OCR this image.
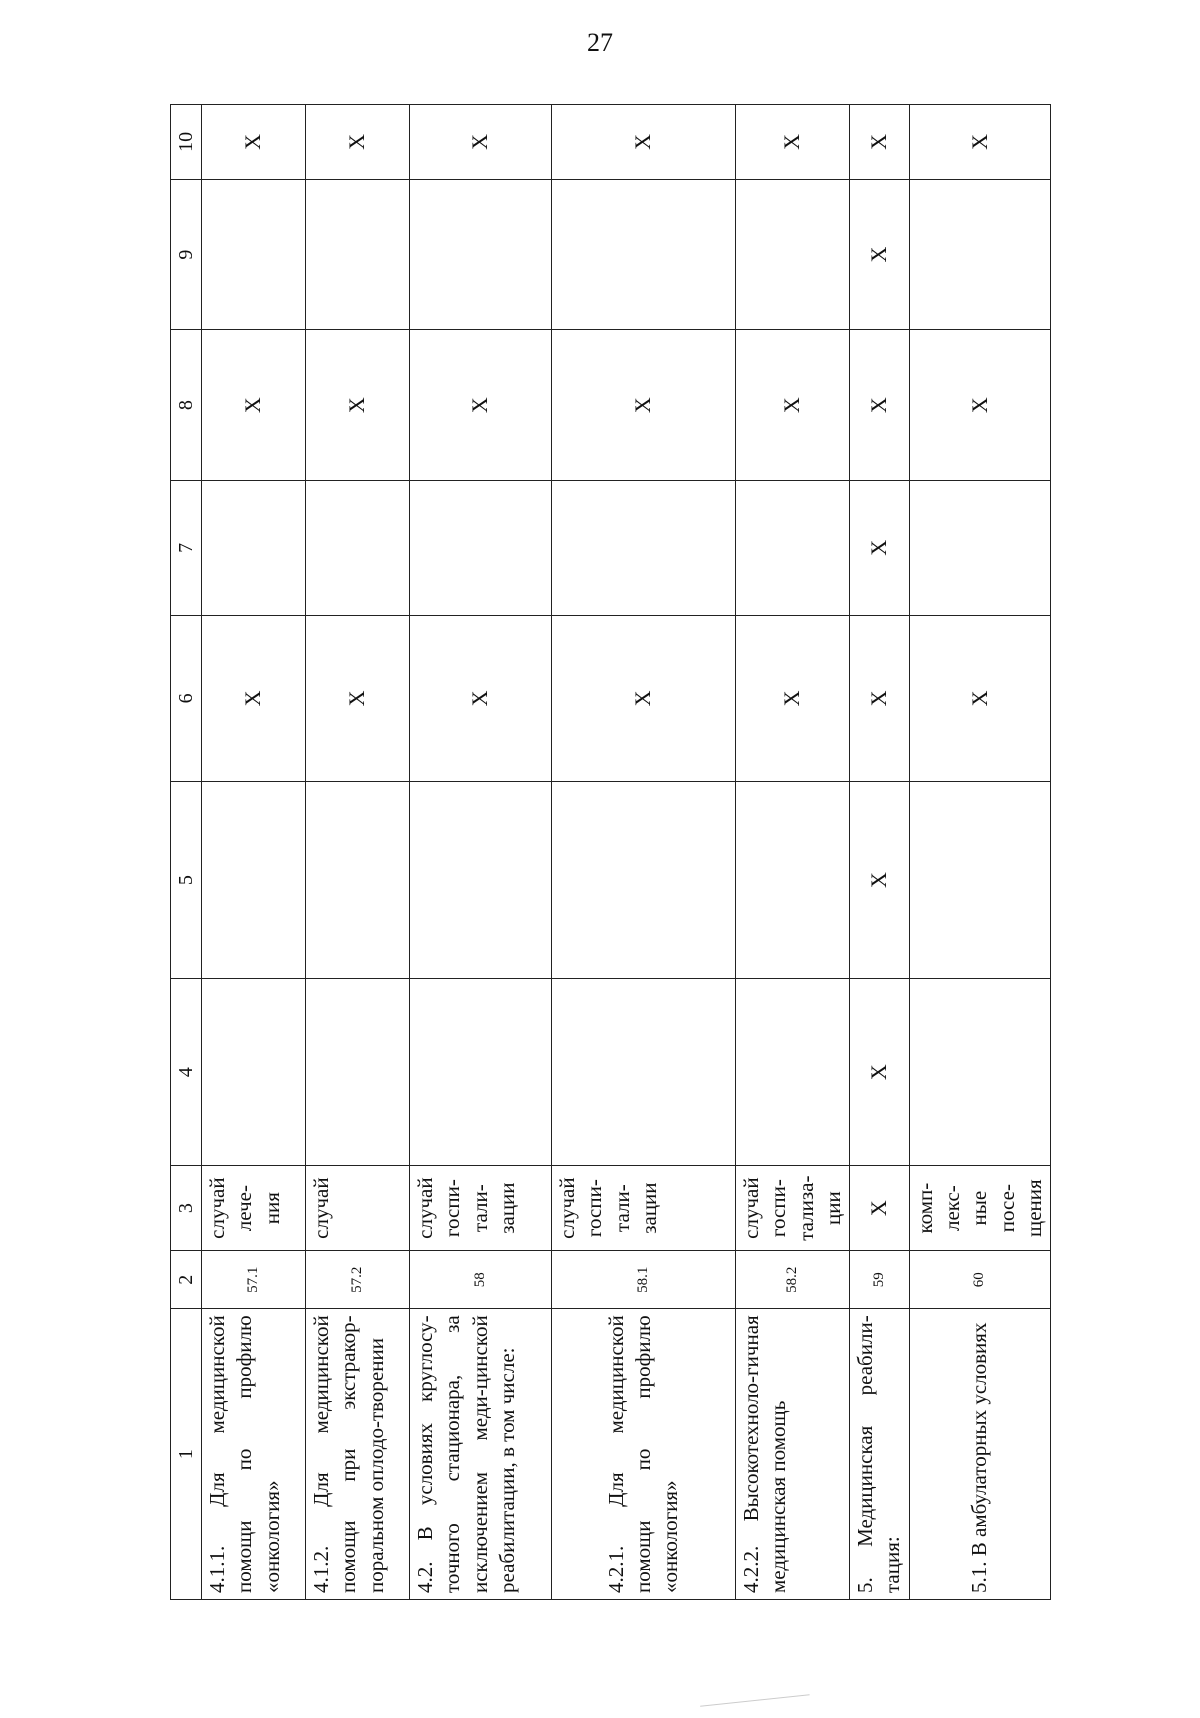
27
1	2	3	4	5	6	7	8	9	10
4.1.1. Для медицинской помощи по профилю «онкология»	57.1	случай лече-ния			X		X		X
4.1.2. Для медицинской помощи при экстракор-поральном оплодо-творении	57.2	случай			X		X		X
4.2. В условиях круглосу-точного стационара, за исключением меди-цинской реабилитации, в том числе:	58	случай госпи-тали-зации			X		X		X
4.2.1. Для медицинской помощи по профилю «онкология»	58.1	случай госпи-тали-зации			X		X		X
4.2.2. Высокотехноло-гичная медицинская помощь	58.2	случай госпи-тализа-ции			X		X		X
5. Медицинская реабили-тация:	59	X	X	X	X	X	X	X	X
5.1. В амбулаторных условиях	60	комп-лекс-ные посе-щения			X		X		X
